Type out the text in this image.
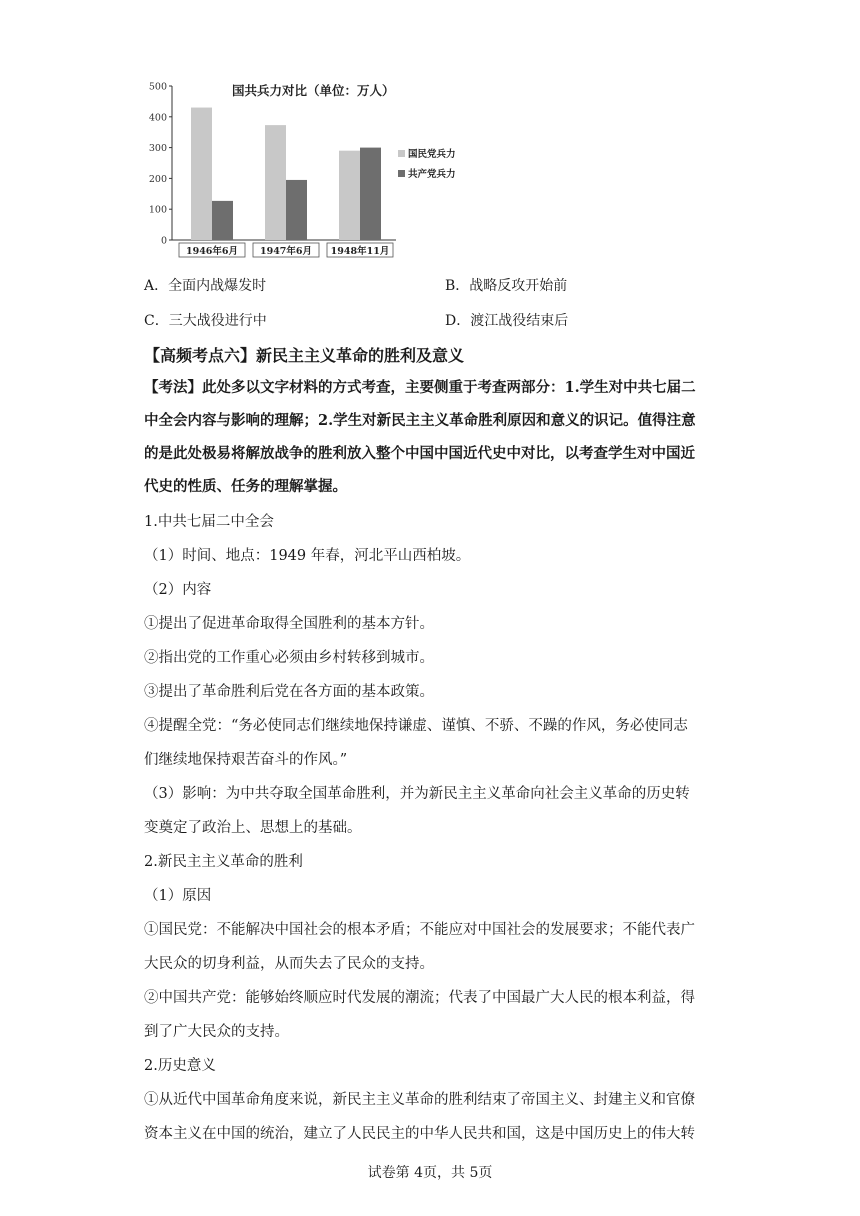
国共兵力对比（单位：万人）
500
400
300
200
100
0
1946年6月 1947年6月 1948年11月
国民党兵力
共产党兵力
A．全面内战爆发时	B．战略反攻开始前
C．三大战役进行中	D．渡江战役结束后
【高频考点六】新民主主义革命的胜利及意义
【考法】此处多以文字材料的方式考查，主要侧重于考查两部分：1.学生对中共七届二
中全会内容与影响的理解；2.学生对新民主主义革命胜利原因和意义的识记。值得注意
的是此处极易将解放战争的胜利放入整个中国中国近代史中对比，以考查学生对中国近
代史的性质、任务的理解掌握。
1.中共七届二中全会
（1）时间、地点：1949 年春，河北平山西柏坡。
（2）内容
①提出了促进革命取得全国胜利的基本方针。
②指出党的工作重心必须由乡村转移到城市。
③提出了革命胜利后党在各方面的基本政策。
④提醒全党：“务必使同志们继续地保持谦虚、谨慎、不骄、不躁的作风，务必使同志
们继续地保持艰苦奋斗的作风。”
（3）影响：为中共夺取全国革命胜利，并为新民主主义革命向社会主义革命的历史转
变奠定了政治上、思想上的基础。
2.新民主主义革命的胜利
（1）原因
①国民党：不能解决中国社会的根本矛盾；不能应对中国社会的发展要求；不能代表广
大民众的切身利益，从而失去了民众的支持。
②中国共产党：能够始终顺应时代发展的潮流；代表了中国最广大人民的根本利益，得
到了广大民众的支持。
2.历史意义
①从近代中国革命角度来说，新民主主义革命的胜利结束了帝国主义、封建主义和官僚
资本主义在中国的统治，建立了人民民主的中华人民共和国，这是中国历史上的伟大转
试卷第 4页，共 5页
